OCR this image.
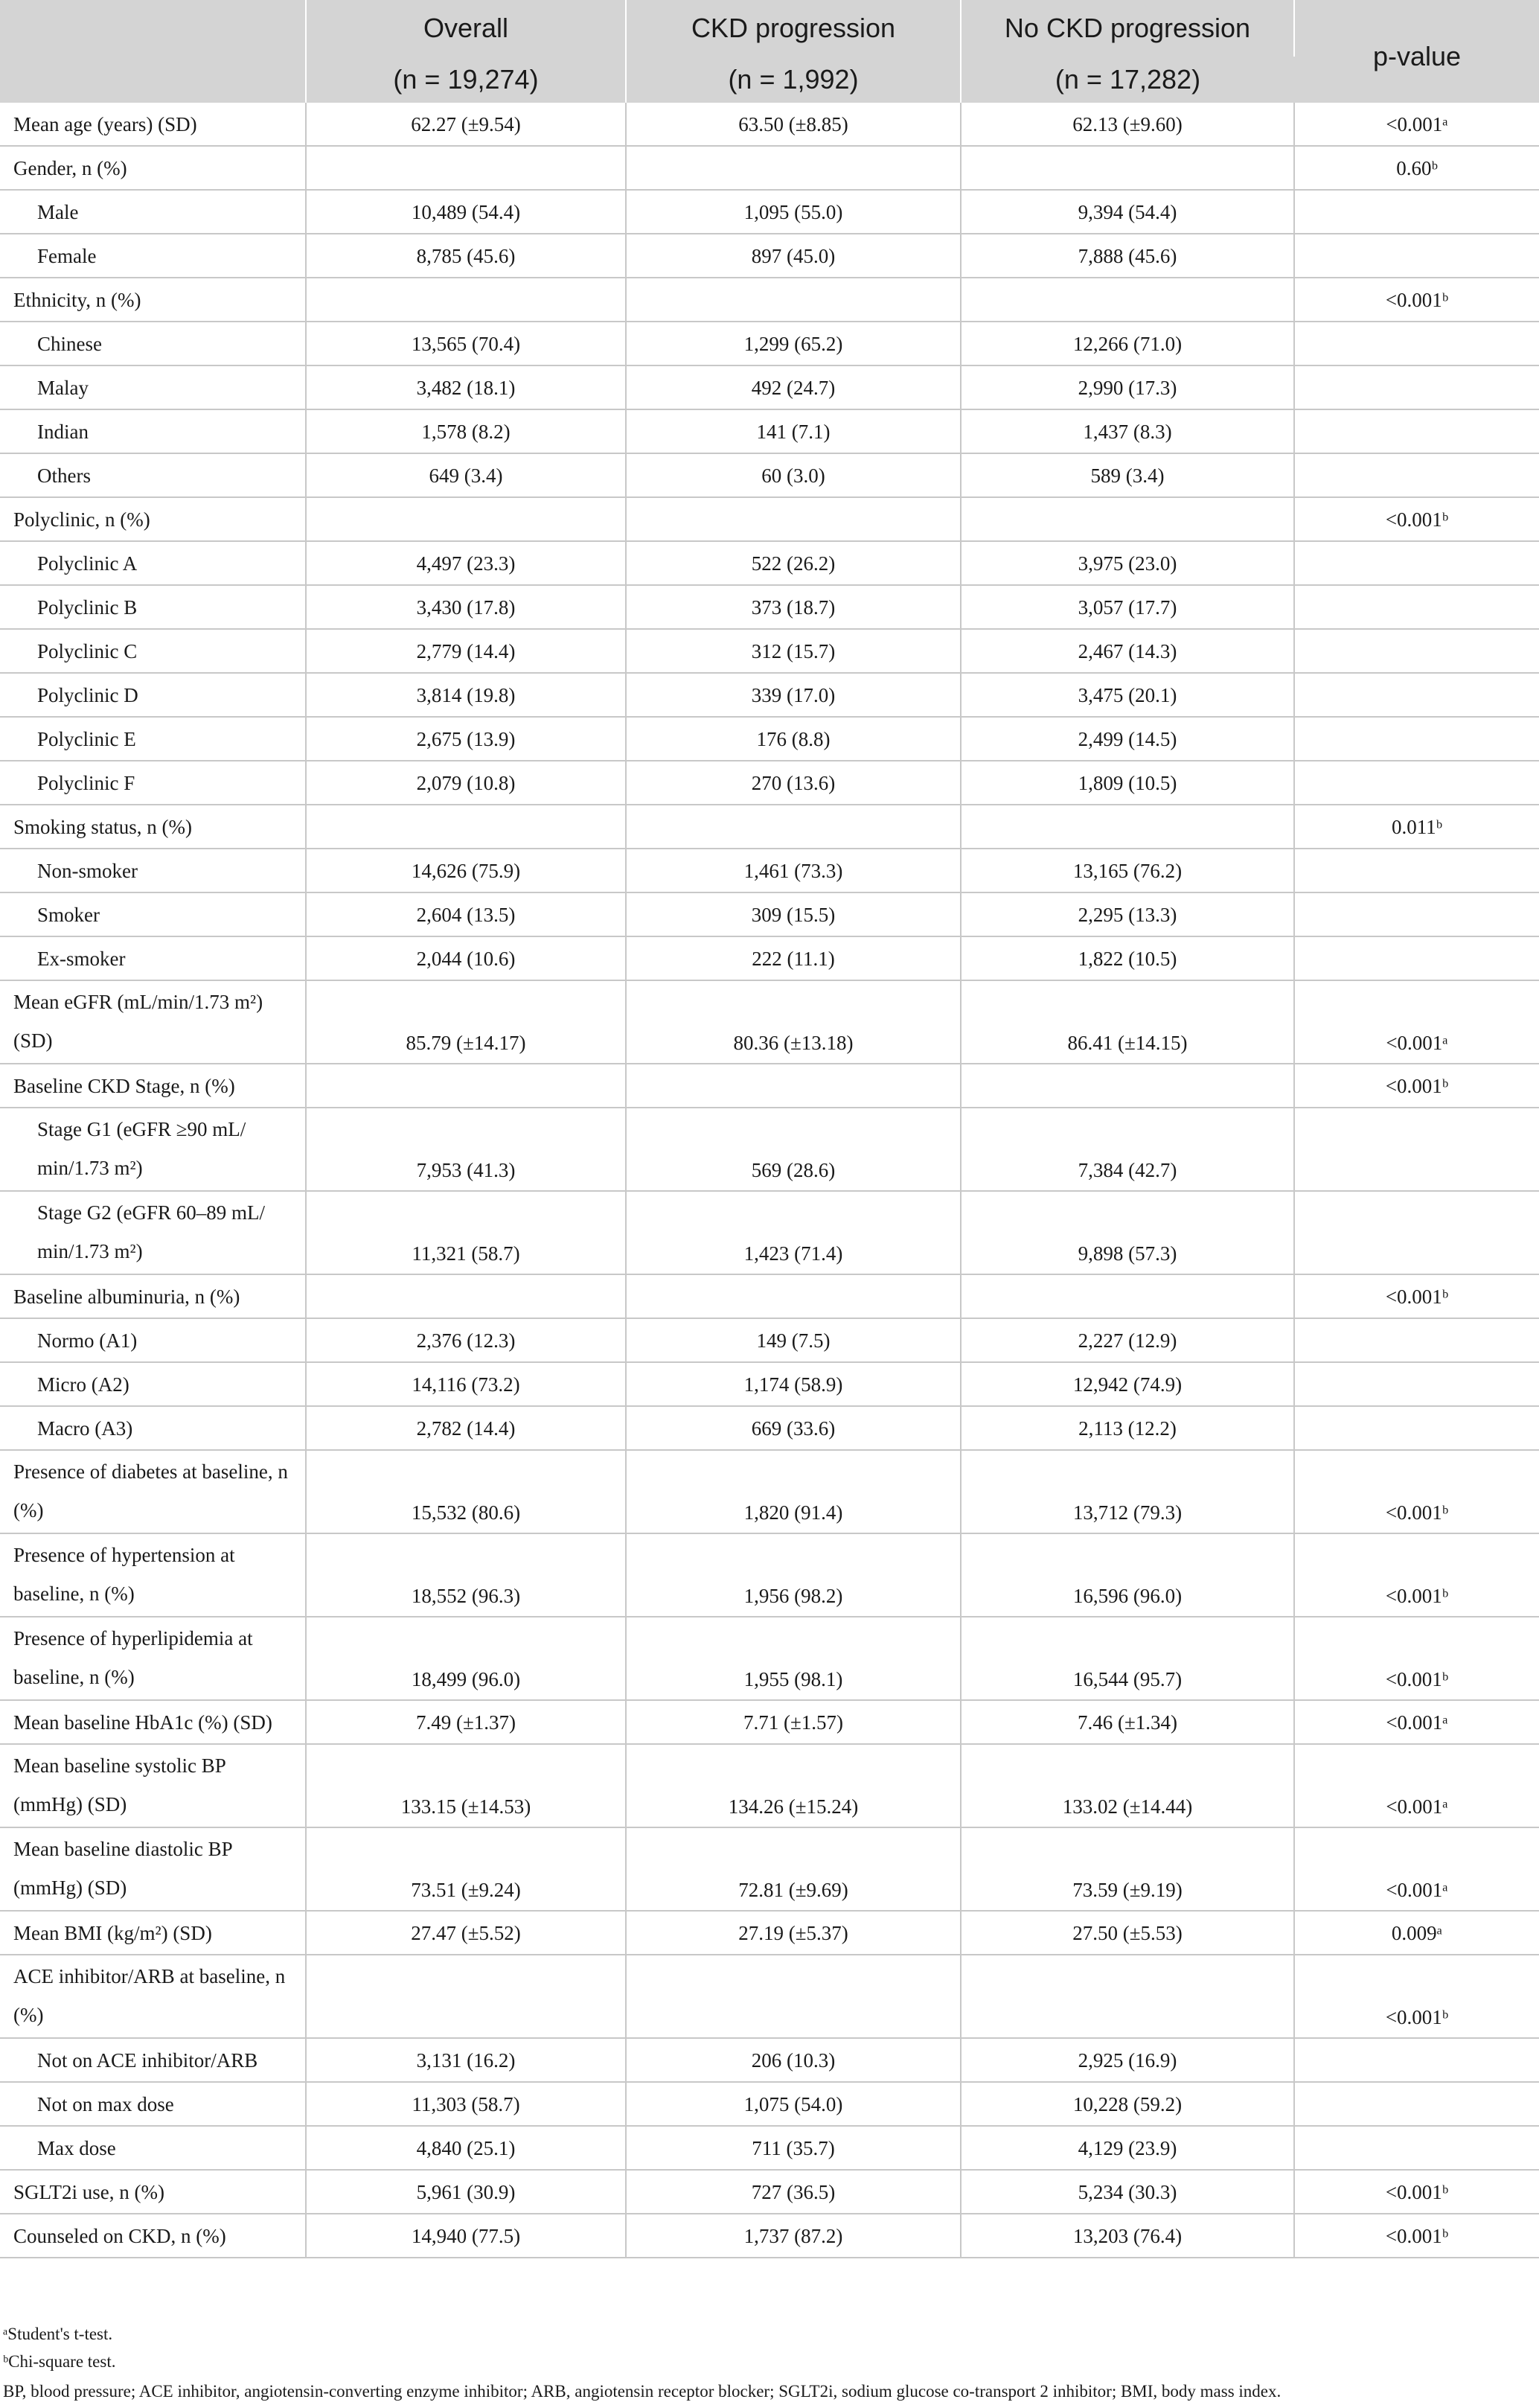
	Overall	CKD progression	No CKD progression	p-value
	(n = 19,274)	(n = 1,992)	(n = 17,282)	
Mean age (years) (SD)	62.27 (±9.54)	63.50 (±8.85)	62.13 (±9.60)	<0.001ᵃ
Gender, n (%)				0.60ᵇ
Male	10,489 (54.4)	1,095 (55.0)	9,394 (54.4)	
Female	8,785 (45.6)	897 (45.0)	7,888 (45.6)	
Ethnicity, n (%)				<0.001ᵇ
Chinese	13,565 (70.4)	1,299 (65.2)	12,266 (71.0)	
Malay	3,482 (18.1)	492 (24.7)	2,990 (17.3)	
Indian	1,578 (8.2)	141 (7.1)	1,437 (8.3)	
Others	649 (3.4)	60 (3.0)	589 (3.4)	
Polyclinic, n (%)				<0.001ᵇ
Polyclinic A	4,497 (23.3)	522 (26.2)	3,975 (23.0)	
Polyclinic B	3,430 (17.8)	373 (18.7)	3,057 (17.7)	
Polyclinic C	2,779 (14.4)	312 (15.7)	2,467 (14.3)	
Polyclinic D	3,814 (19.8)	339 (17.0)	3,475 (20.1)	
Polyclinic E	2,675 (13.9)	176 (8.8)	2,499 (14.5)	
Polyclinic F	2,079 (10.8)	270 (13.6)	1,809 (10.5)	
Smoking status, n (%)				0.011ᵇ
Non-smoker	14,626 (75.9)	1,461 (73.3)	13,165 (76.2)	
Smoker	2,604 (13.5)	309 (15.5)	2,295 (13.3)	
Ex-smoker	2,044 (10.6)	222 (11.1)	1,822 (10.5)	
Mean eGFR (mL/min/1.73 m²) (SD)	85.79 (±14.17)	80.36 (±13.18)	86.41 (±14.15)	<0.001ᵃ
Baseline CKD Stage, n (%)				<0.001ᵇ
Stage G1 (eGFR ≥90 mL/ min/1.73 m²)	7,953 (41.3)	569 (28.6)	7,384 (42.7)	
Stage G2 (eGFR 60–89 mL/ min/1.73 m²)	11,321 (58.7)	1,423 (71.4)	9,898 (57.3)	
Baseline albuminuria, n (%)				<0.001ᵇ
Normo (A1)	2,376 (12.3)	149 (7.5)	2,227 (12.9)	
Micro (A2)	14,116 (73.2)	1,174 (58.9)	12,942 (74.9)	
Macro (A3)	2,782 (14.4)	669 (33.6)	2,113 (12.2)	
Presence of diabetes at baseline, n (%)	15,532 (80.6)	1,820 (91.4)	13,712 (79.3)	<0.001ᵇ
Presence of hypertension at baseline, n (%)	18,552 (96.3)	1,956 (98.2)	16,596 (96.0)	<0.001ᵇ
Presence of hyperlipidemia at baseline, n (%)	18,499 (96.0)	1,955 (98.1)	16,544 (95.7)	<0.001ᵇ
Mean baseline HbA1c (%) (SD)	7.49 (±1.37)	7.71 (±1.57)	7.46 (±1.34)	<0.001ᵃ
Mean baseline systolic BP (mmHg) (SD)	133.15 (±14.53)	134.26 (±15.24)	133.02 (±14.44)	<0.001ᵃ
Mean baseline diastolic BP (mmHg) (SD)	73.51 (±9.24)	72.81 (±9.69)	73.59 (±9.19)	<0.001ᵃ
Mean BMI (kg/m²) (SD)	27.47 (±5.52)	27.19 (±5.37)	27.50 (±5.53)	0.009ᵃ
ACE inhibitor/ARB at baseline, n (%)				<0.001ᵇ
Not on ACE inhibitor/ARB	3,131 (16.2)	206 (10.3)	2,925 (16.9)	
Not on max dose	11,303 (58.7)	1,075 (54.0)	10,228 (59.2)	
Max dose	4,840 (25.1)	711 (35.7)	4,129 (23.9)	
SGLT2i use, n (%)	5,961 (30.9)	727 (36.5)	5,234 (30.3)	<0.001ᵇ
Counseled on CKD, n (%)	14,940 (77.5)	1,737 (87.2)	13,203 (76.4)	<0.001ᵇ
ᵃStudent's t-test.
ᵇChi-square test.
BP, blood pressure; ACE inhibitor, angiotensin-converting enzyme inhibitor; ARB, angiotensin receptor blocker; SGLT2i, sodium glucose co-transport 2 inhibitor; BMI, body mass index.
